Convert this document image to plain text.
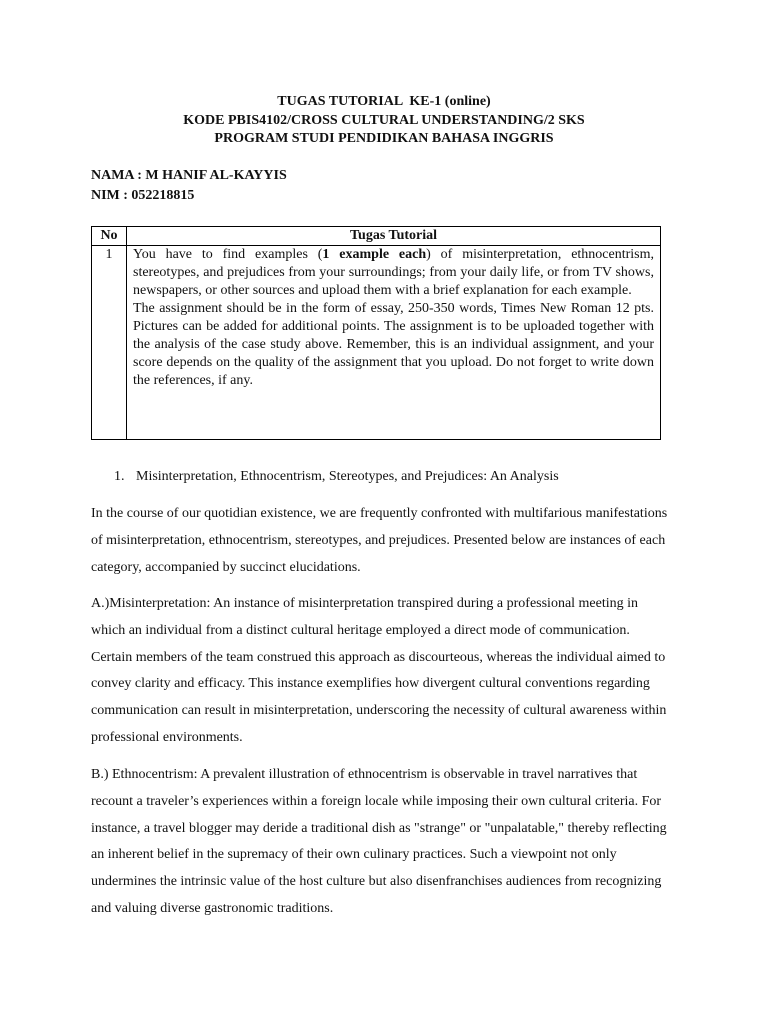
TUGAS TUTORIAL  KE-1 (online)
KODE PBIS4102/CROSS CULTURAL UNDERSTANDING/2 SKS
PROGRAM STUDI PENDIDIKAN BAHASA INGGRIS
NAMA : M HANIF AL-KAYYIS
NIM : 052218815
No	Tugas Tutorial
1	You have to find examples (1 example each) of misinterpretation, ethnocentrism, stereotypes, and prejudices from your surroundings; from your daily life, or from TV shows, newspapers, or other sources and upload them with a brief explanation for each example.
The assignment should be in the form of essay, 250-350 words, Times New Roman 12 pts. Pictures can be added for additional points. The assignment is to be uploaded together with the analysis of the case study above. Remember, this is an individual assignment, and your score depends on the quality of the assignment that you upload. Do not forget to write down the references, if any.
1. Misinterpretation, Ethnocentrism, Stereotypes, and Prejudices: An Analysis

In the course of our quotidian existence, we are frequently confronted with multifarious manifestations of misinterpretation, ethnocentrism, stereotypes, and prejudices. Presented below are instances of each category, accompanied by succinct elucidations.

A.)Misinterpretation: An instance of misinterpretation transpired during a professional meeting in which an individual from a distinct cultural heritage employed a direct mode of communication. Certain members of the team construed this approach as discourteous, whereas the individual aimed to convey clarity and efficacy. This instance exemplifies how divergent cultural conventions regarding communication can result in misinterpretation, underscoring the necessity of cultural awareness within professional environments.

B.) Ethnocentrism: A prevalent illustration of ethnocentrism is observable in travel narratives that recount a traveler’s experiences within a foreign locale while imposing their own cultural criteria. For instance, a travel blogger may deride a traditional dish as "strange" or "unpalatable," thereby reflecting an inherent belief in the supremacy of their own culinary practices. Such a viewpoint not only undermines the intrinsic value of the host culture but also disenfranchises audiences from recognizing and valuing diverse gastronomic traditions.
